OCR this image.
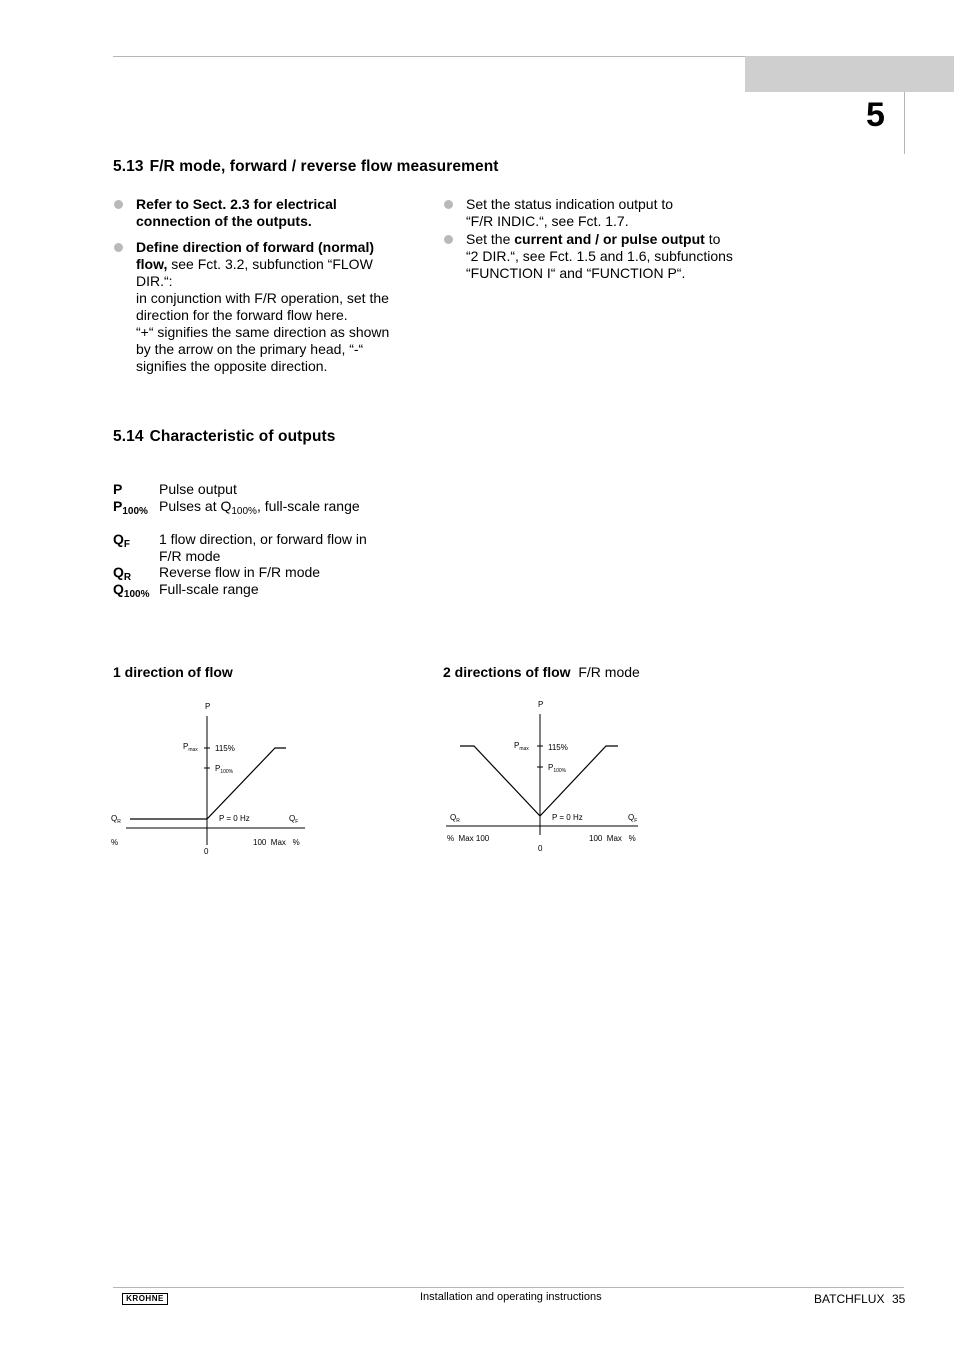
5
5.13 F/R mode, forward / reverse flow measurement
Refer to Sect. 2.3 for electrical
connection of the outputs.
Define direction of forward (normal)
flow, see Fct. 3.2, subfunction “FLOW
DIR.“:
in conjunction with F/R operation, set the
direction for the forward flow here.
“+“ signifies the same direction as shown
by the arrow on the primary head, “-“
signifies the opposite direction.
Set the status indication output to
“F/R INDIC.“, see Fct. 1.7.
Set the current and / or pulse output to
“2 DIR.“, see Fct. 1.5 and 1.6, subfunctions
“FUNCTION I“ and “FUNCTION P“.
5.14 Characteristic of outputs
P	Pulse output
$P_{100\%}$ Pulses at $Q_{100\%}$, full-scale range
$Q_F$ 1 flow direction, or forward flow in F/R mode
$Q_R$ Reverse flow in F/R mode
$Q_{100\%}$ Full-scale range
1 direction of flow	2 directions of flow F/R mode
P
$P_{max}$ 115%
$P_{100\%}$
P = 0 Hz
$Q_R$	$Q_F$
%
0
100  Max   %
P
$P_{max}$ 115%
$P_{100\%}$
P = 0 Hz
$Q_R$	$Q_F$
%  Max 100
0
100  Max   %
KROHNE	Installation and operating instructions	BATCHFLUX 35
